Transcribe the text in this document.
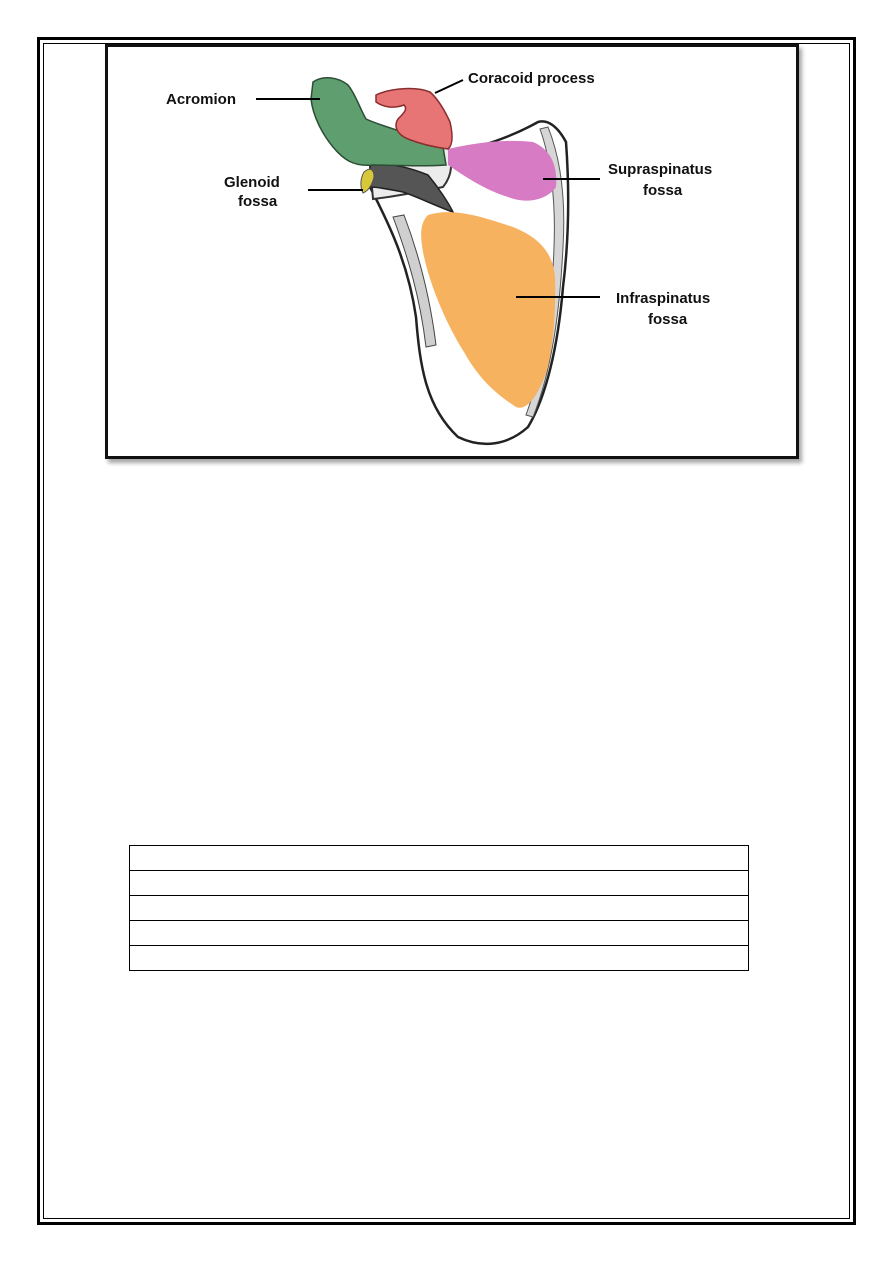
Acromion
Coracoid process
Glenoid
fossa
Supraspinatus
fossa
Infraspinatus
fossa
